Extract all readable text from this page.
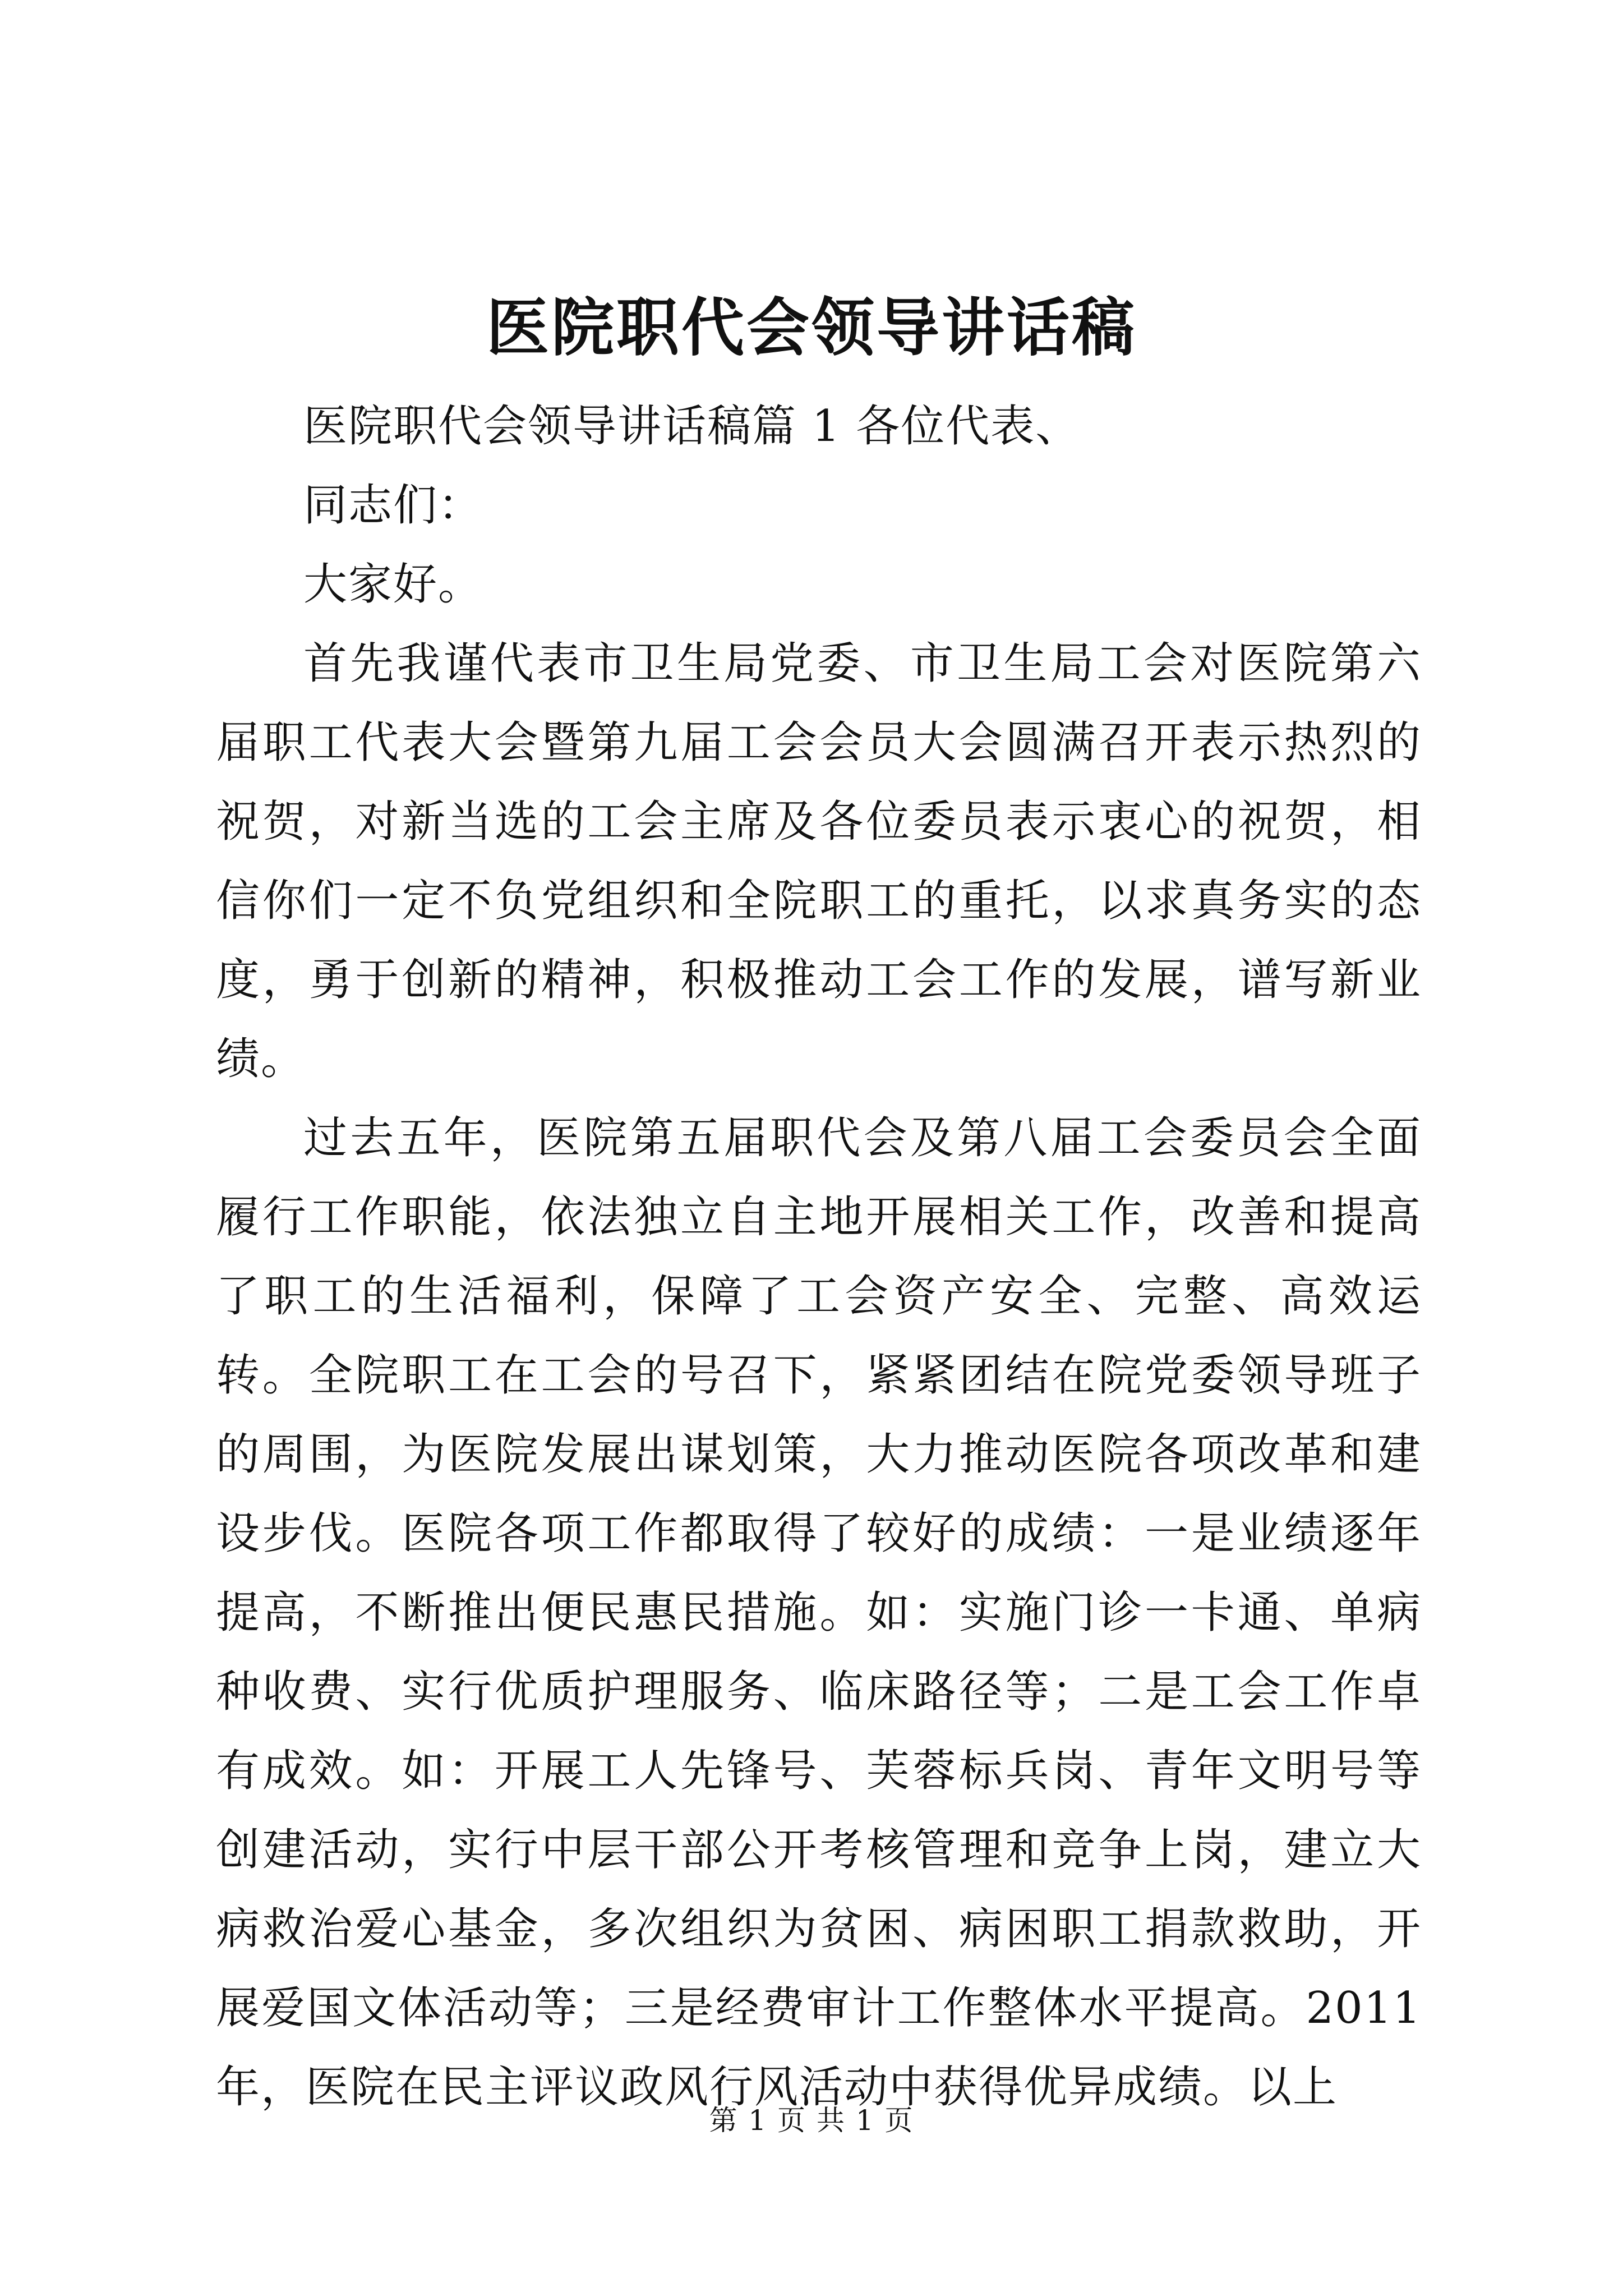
医院职代会领导讲话稿

医院职代会领导讲话稿篇 1 各位代表、

同志们：

大家好。

首先我谨代表市卫生局党委、市卫生局工会对医院第六届职工代表大会暨第九届工会会员大会圆满召开表示热烈的祝贺，对新当选的工会主席及各位委员表示衷心的祝贺，相信你们一定不负党组织和全院职工的重托，以求真务实的态度，勇于创新的精神，积极推动工会工作的发展，谱写新业绩。

过去五年，医院第五届职代会及第八届工会委员会全面履行工作职能，依法独立自主地开展相关工作，改善和提高了职工的生活福利，保障了工会资产安全、完整、高效运转。全院职工在工会的号召下，紧紧团结在院党委领导班子的周围，为医院发展出谋划策，大力推动医院各项改革和建设步伐。医院各项工作都取得了较好的成绩：一是业绩逐年提高，不断推出便民惠民措施。如：实施门诊一卡通、单病种收费、实行优质护理服务、临床路径等；二是工会工作卓有成效。如：开展工人先锋号、芙蓉标兵岗、青年文明号等创建活动，实行中层干部公开考核管理和竞争上岗，建立大病救治爱心基金，多次组织为贫困、病困职工捐款救助，开展爱国文体活动等；三是经费审计工作整体水平提高。2011 年，医院在民主评议政风行风活动中获得优异成绩。以上

第 1 页 共 1 页
